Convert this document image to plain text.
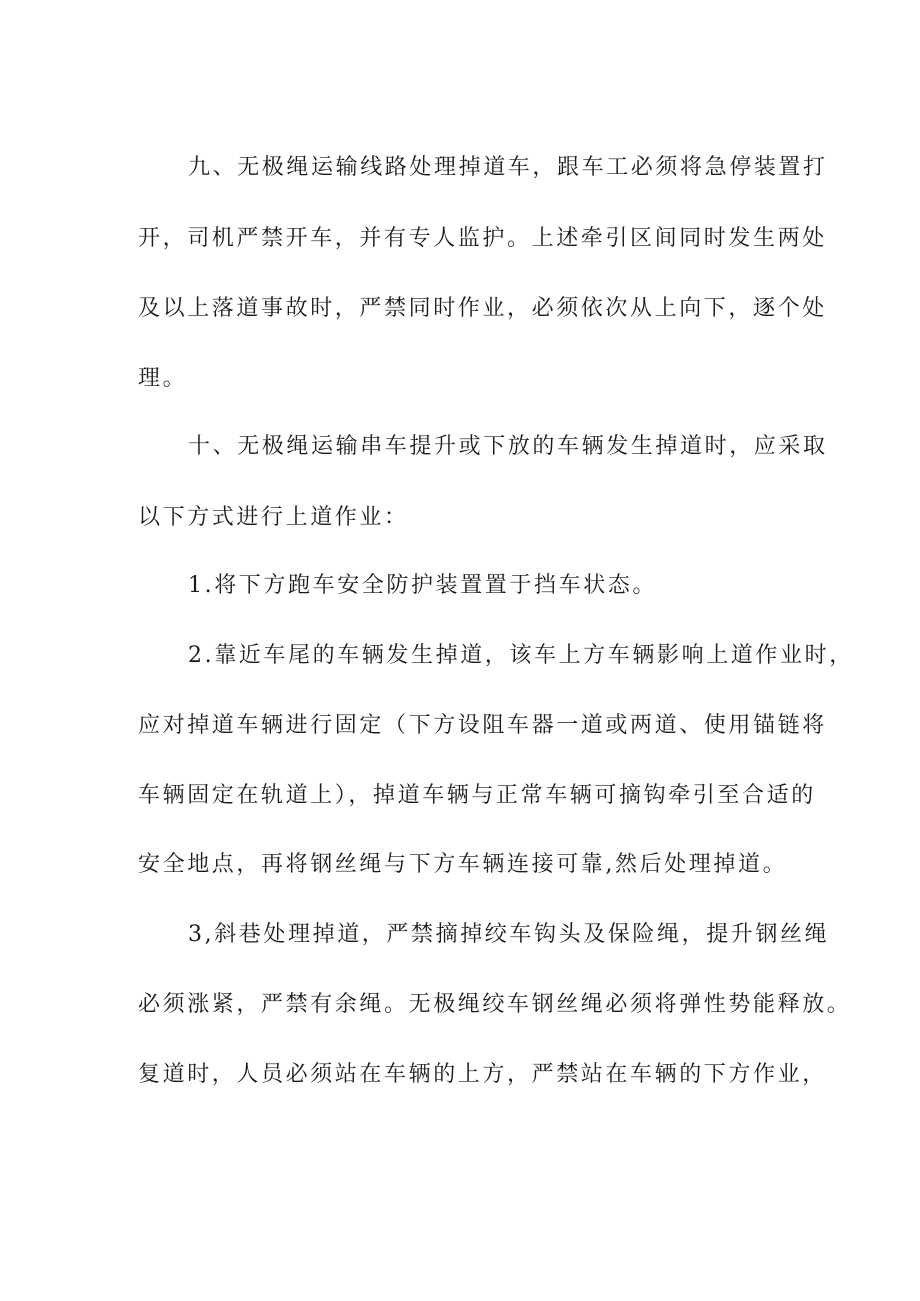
九、无极绳运输线路处理掉道车，跟车工必须将急停装置打
开，司机严禁开车，并有专人监护。上述牵引区间同时发生两处
及以上落道事故时，严禁同时作业，必须依次从上向下，逐个处
理。
十、无极绳运输串车提升或下放的车辆发生掉道时，应采取
以下方式进行上道作业：
1.将下方跑车安全防护装置置于挡车状态。
2.靠近车尾的车辆发生掉道，该车上方车辆影响上道作业时，
应对掉道车辆进行固定（下方设阻车器一道或两道、使用锚链将
车辆固定在轨道上），掉道车辆与正常车辆可摘钩牵引至合适的
安全地点，再将钢丝绳与下方车辆连接可靠,然后处理掉道。
3,斜巷处理掉道，严禁摘掉绞车钩头及保险绳，提升钢丝绳
必须涨紧，严禁有余绳。无极绳绞车钢丝绳必须将弹性势能释放。
复道时，人员必须站在车辆的上方，严禁站在车辆的下方作业，
